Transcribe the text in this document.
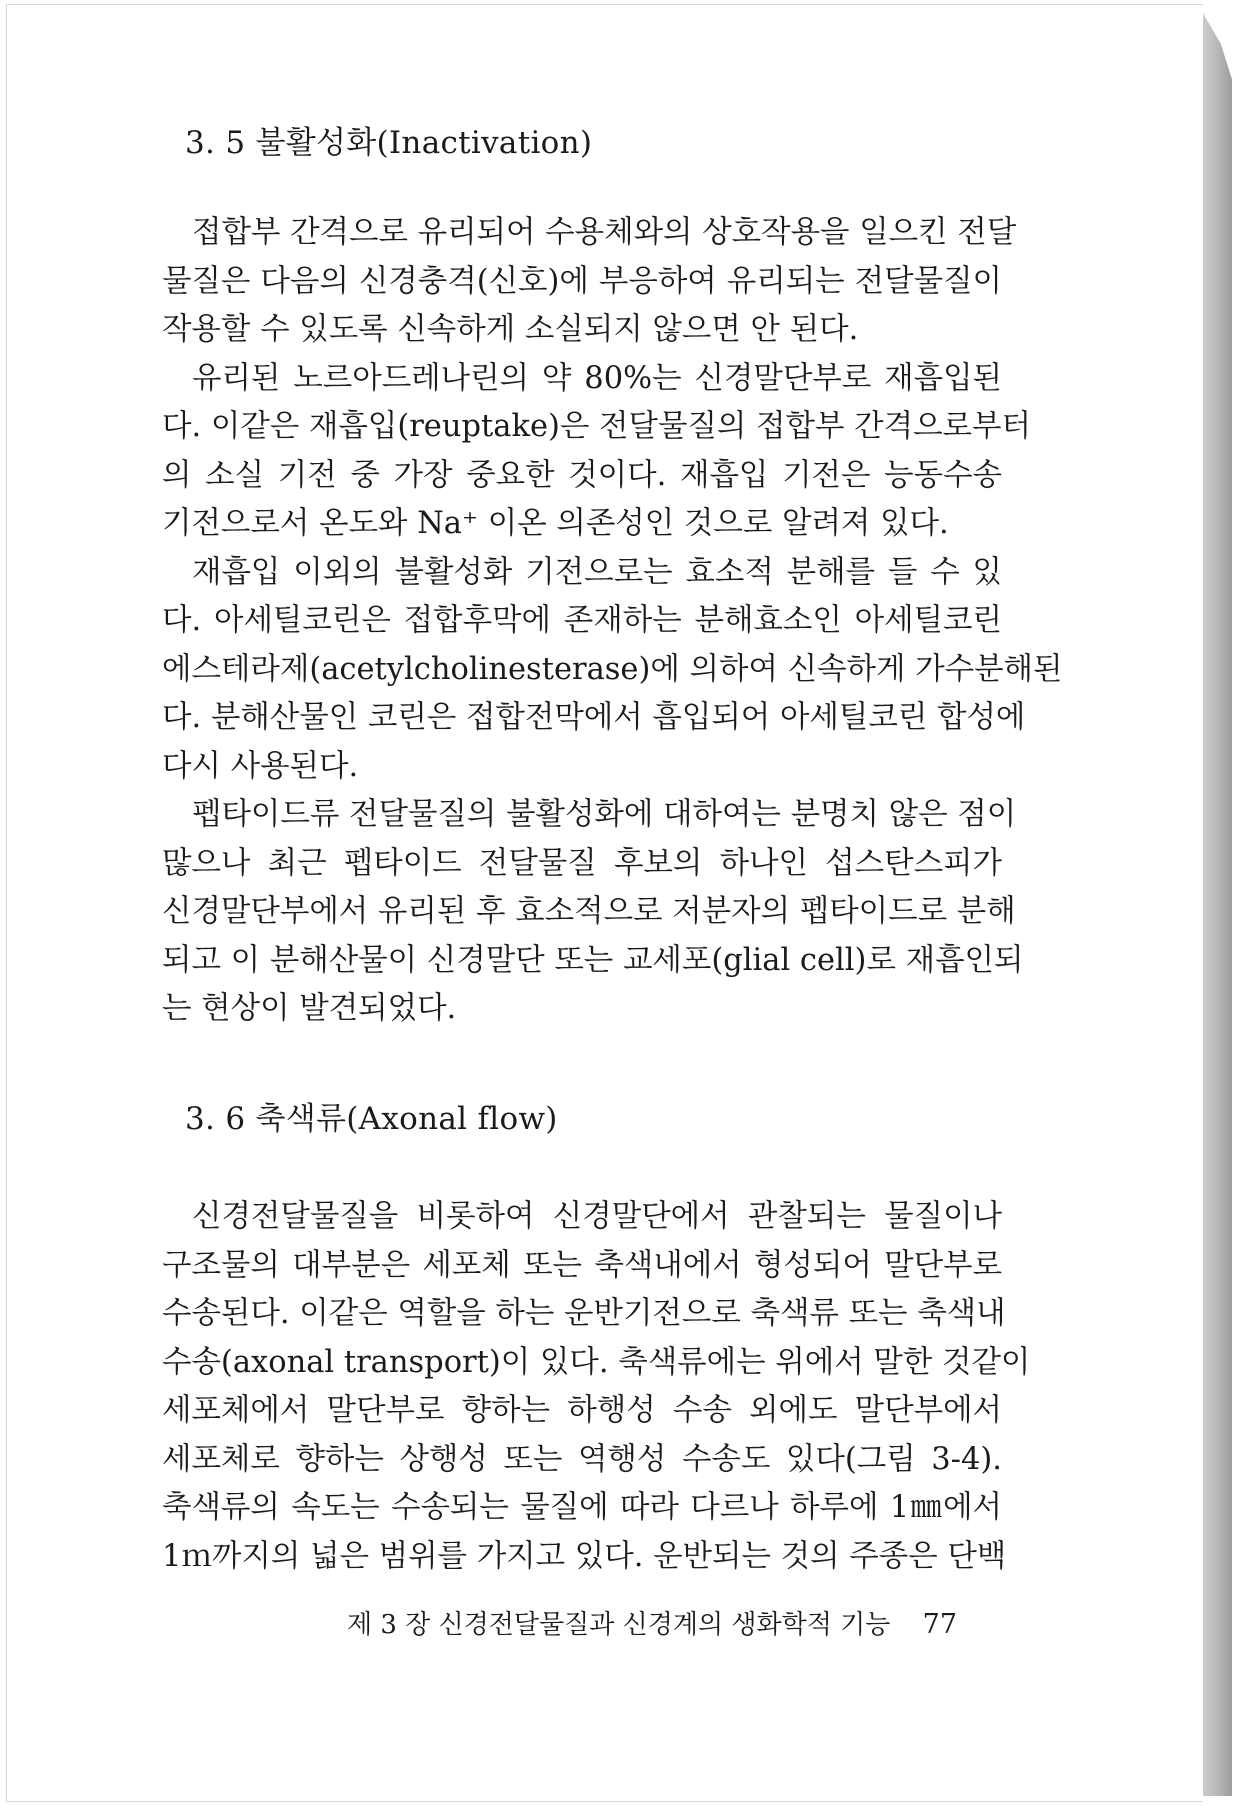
3. 5 불활성화(Inactivation)
접합부 간격으로 유리되어 수용체와의 상호작용을 일으킨 전달
물질은 다음의 신경충격(신호)에 부응하여 유리되는 전달물질이
작용할 수 있도록 신속하게 소실되지 않으면 안 된다.
유리된 노르아드레나린의 약 80%는 신경말단부로 재흡입된
다. 이같은 재흡입(reuptake)은 전달물질의 접합부 간격으로부터
의 소실 기전 중 가장 중요한 것이다. 재흡입 기전은 능동수송
기전으로서 온도와 Na⁺ 이온 의존성인 것으로 알려져 있다.
재흡입 이외의 불활성화 기전으로는 효소적 분해를 들 수 있
다. 아세틸코린은 접합후막에 존재하는 분해효소인 아세틸코린
에스테라제(acetylcholinesterase)에 의하여 신속하게 가수분해된
다. 분해산물인 코린은 접합전막에서 흡입되어 아세틸코린 합성에
다시 사용된다.
펩타이드류 전달물질의 불활성화에 대하여는 분명치 않은 점이
많으나 최근 펩타이드 전달물질 후보의 하나인 섭스탄스피가
신경말단부에서 유리된 후 효소적으로 저분자의 펩타이드로 분해
되고 이 분해산물이 신경말단 또는 교세포(glial cell)로 재흡인되
는 현상이 발견되었다.
3. 6 축색류(Axonal flow)
신경전달물질을 비롯하여 신경말단에서 관찰되는 물질이나
구조물의 대부분은 세포체 또는 축색내에서 형성되어 말단부로
수송된다. 이같은 역할을 하는 운반기전으로 축색류 또는 축색내
수송(axonal transport)이 있다. 축색류에는 위에서 말한 것같이
세포체에서 말단부로 향하는 하행성 수송 외에도 말단부에서
세포체로 향하는 상행성 또는 역행성 수송도 있다(그림 3-4).
축색류의 속도는 수송되는 물질에 따라 다르나 하루에 1㎜에서
1ｍ까지의 넓은 범위를 가지고 있다. 운반되는 것의 주종은 단백
제 3 장 신경전달물질과 신경계의 생화학적 기능 77
